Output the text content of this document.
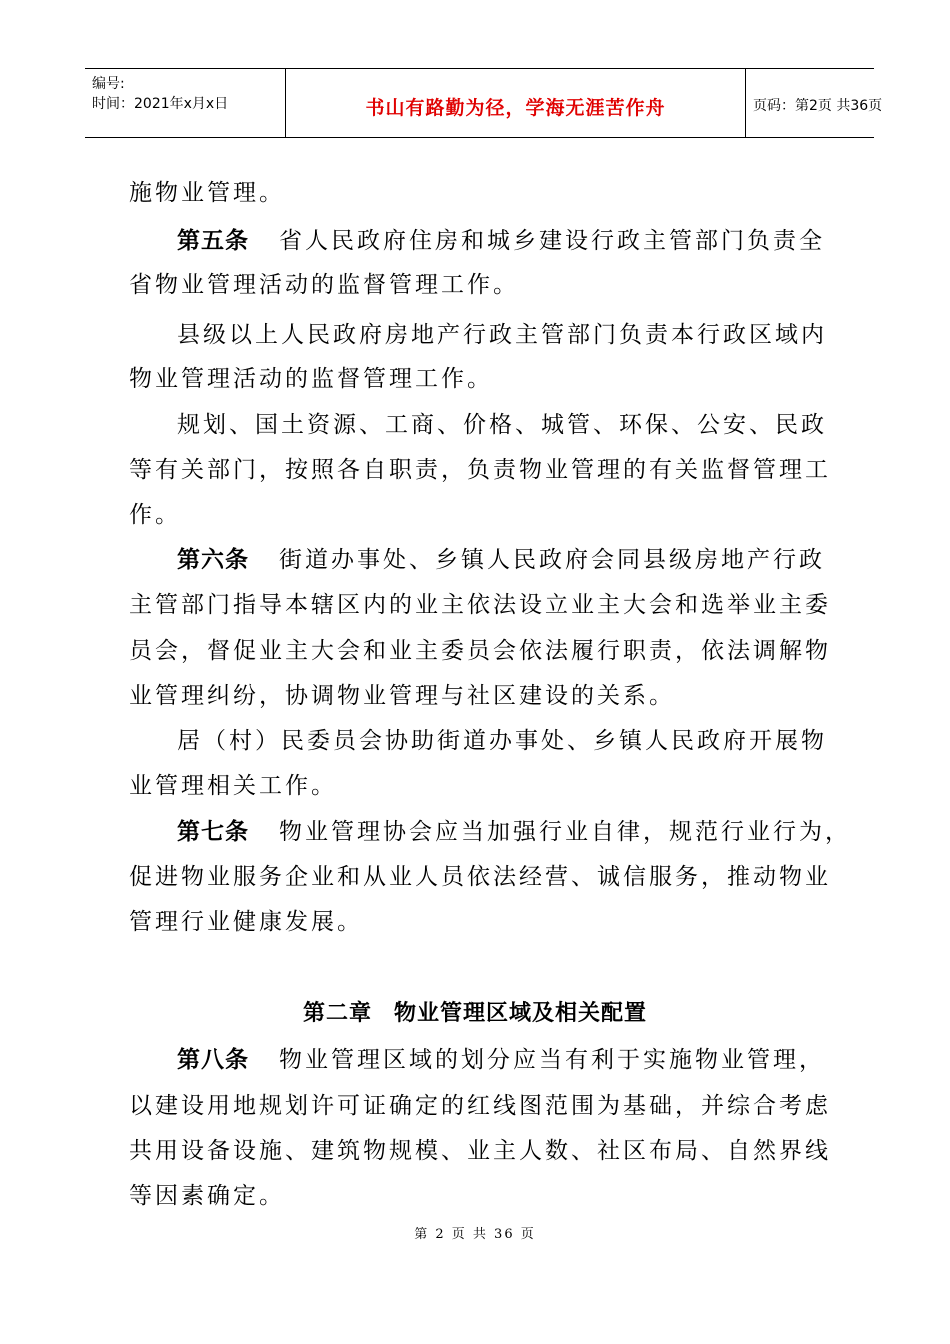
编号:
时间：2021年x月x日	书山有路勤为径，学海无涯苦作舟	页码：第2页 共36页
施物业管理。
第五条 省人民政府住房和城乡建设行政主管部门负责全
省物业管理活动的监督管理工作。
县级以上人民政府房地产行政主管部门负责本行政区域内
物业管理活动的监督管理工作。
规划、国土资源、工商、价格、城管、环保、公安、民政
等有关部门，按照各自职责，负责物业管理的有关监督管理工
作。
第六条 街道办事处、乡镇人民政府会同县级房地产行政
主管部门指导本辖区内的业主依法设立业主大会和选举业主委
员会，督促业主大会和业主委员会依法履行职责，依法调解物
业管理纠纷，协调物业管理与社区建设的关系。
居（村）民委员会协助街道办事处、乡镇人民政府开展物
业管理相关工作。
第七条 物业管理协会应当加强行业自律，规范行业行为，
促进物业服务企业和从业人员依法经营、诚信服务，推动物业
管理行业健康发展。
第二章 物业管理区域及相关配置
第八条 物业管理区域的划分应当有利于实施物业管理，
以建设用地规划许可证确定的红线图范围为基础，并综合考虑
共用设备设施、建筑物规模、业主人数、社区布局、自然界线
等因素确定。
第 2 页 共 36 页
